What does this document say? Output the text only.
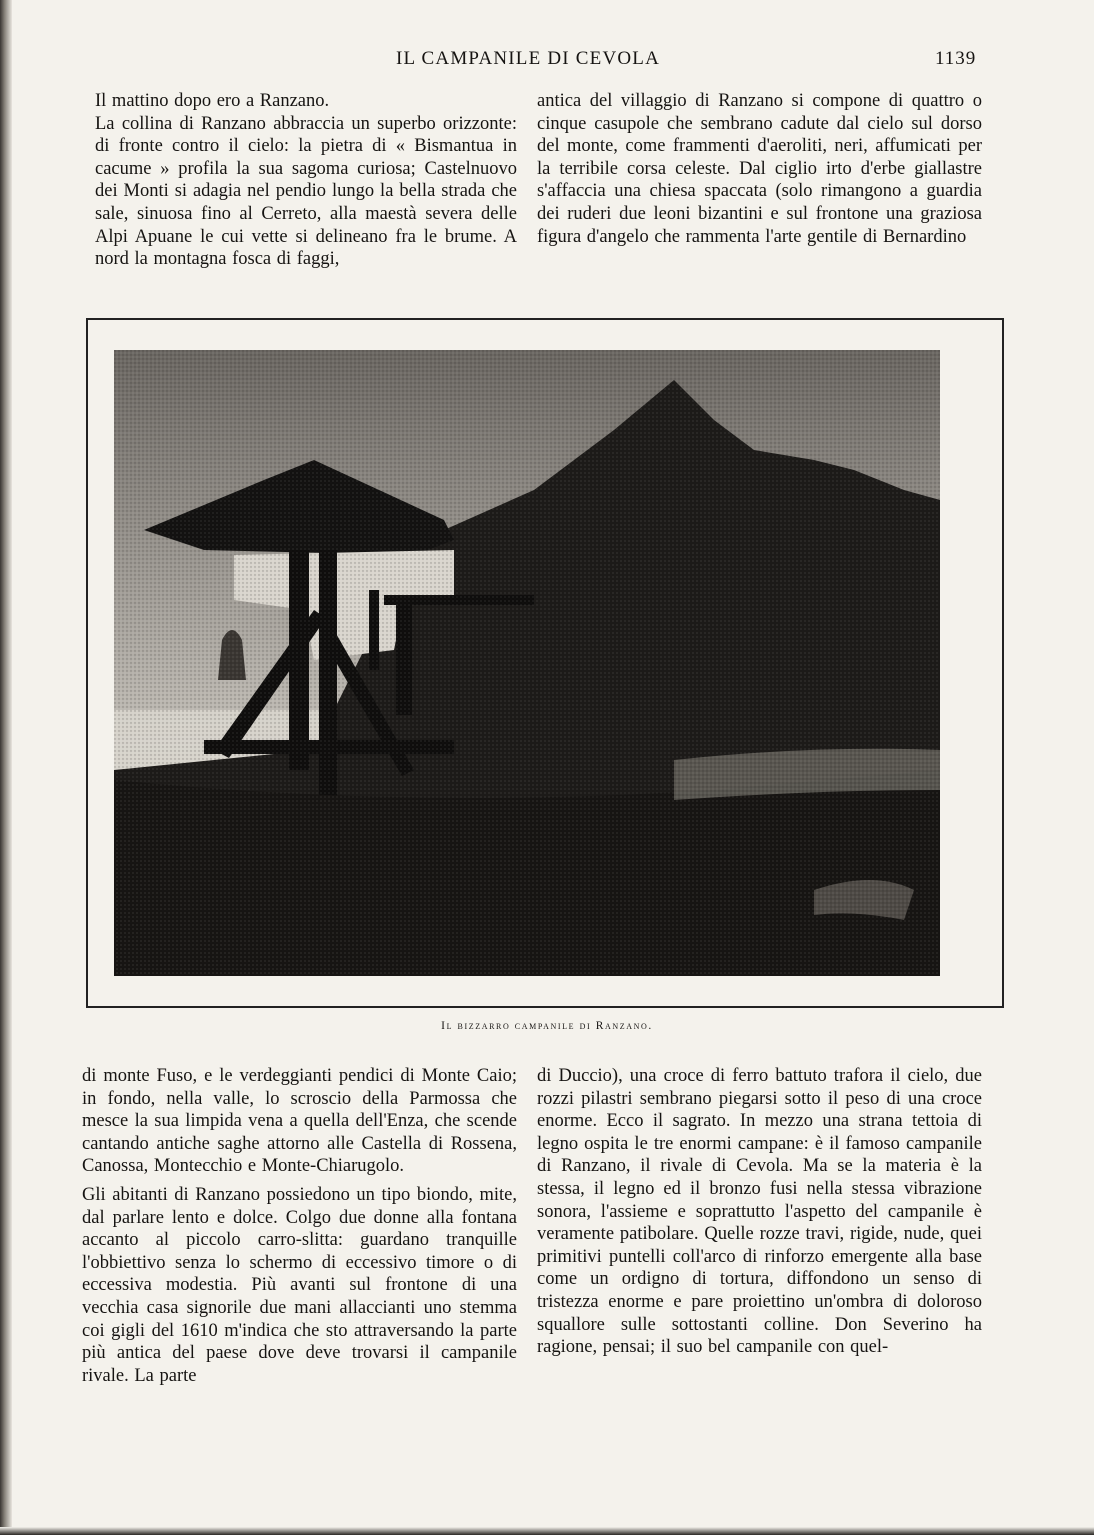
IL CAMPANILE DI CEVOLA	1139

Il mattino dopo ero a Ranzano.

La collina di Ranzano abbraccia un superbo orizzonte: di fronte contro il cielo: la pietra di « Bismantua in cacume » profila la sua sagoma curiosa; Castelnuovo dei Monti si adagia nel pendio lungo la bella strada che sale, sinuosa fino al Cerreto, alla maestà severa delle Alpi Apuane le cui vette si delineano fra le brume. A nord la montagna fosca di faggi,

antica del villaggio di Ranzano si compone di quattro o cinque casupole che sembrano cadute dal cielo sul dorso del monte, come frammenti d'aeroliti, neri, affumicati per la terribile corsa celeste. Dal ciglio irto d'erbe giallastre s'affaccia una chiesa spaccata (solo rimangono a guardia dei ruderi due leoni bizantini e sul frontone una graziosa figura d'angelo che rammenta l'arte gentile di Bernardino

Il bizzarro campanile di Ranzano.

di monte Fuso, e le verdeggianti pendici di Monte Caio; in fondo, nella valle, lo scroscio della Parmossa che mesce la sua limpida vena a quella dell'Enza, che scende cantando antiche saghe attorno alle Castella di Rossena, Canossa, Montecchio e Monte-Chiarugolo.

Gli abitanti di Ranzano possiedono un tipo biondo, mite, dal parlare lento e dolce. Colgo due donne alla fontana accanto al piccolo carro-slitta: guardano tranquille l'obbiettivo senza lo schermo di eccessivo timore o di eccessiva modestia. Più avanti sul frontone di una vecchia casa signorile due mani allaccianti uno stemma coi gigli del 1610 m'indica che sto attraversando la parte più antica del paese dove deve trovarsi il campanile rivale. La parte

di Duccio), una croce di ferro battuto trafora il cielo, due rozzi pilastri sembrano piegarsi sotto il peso di una croce enorme. Ecco il sagrato. In mezzo una strana tettoia di legno ospita le tre enormi campane: è il famoso campanile di Ranzano, il rivale di Cevola. Ma se la materia è la stessa, il legno ed il bronzo fusi nella stessa vibrazione sonora, l'assieme e soprattutto l'aspetto del campanile è veramente patibolare. Quelle rozze travi, rigide, nude, quei primitivi puntelli coll'arco di rinforzo emergente alla base come un ordigno di tortura, diffondono un senso di tristezza enorme e pare proiettino un'ombra di doloroso squallore sulle sottostanti colline. Don Severino ha ragione, pensai; il suo bel campanile con quel-
